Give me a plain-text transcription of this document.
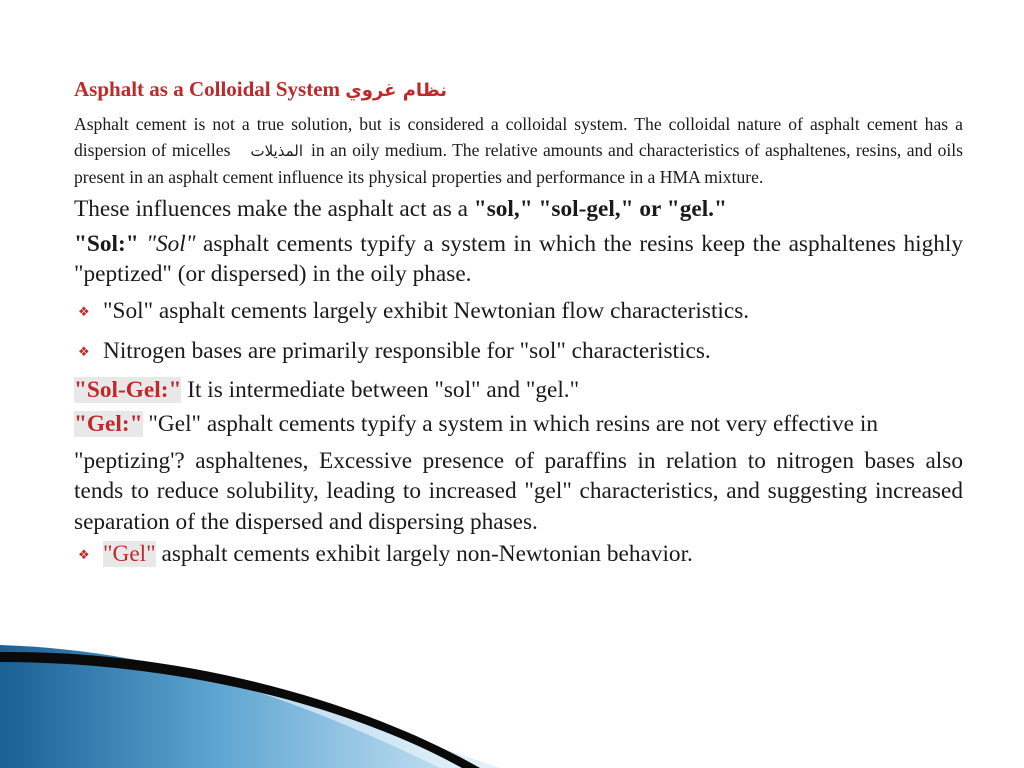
Asphalt as a Colloidal System نظام غروي

Asphalt cement is not a true solution, but is considered a colloidal system. The colloidal nature of asphalt cement has a dispersion of micelles المذيلات in an oily medium. The relative amounts and characteristics of asphaltenes, resins, and oils present in an asphalt cement influence its physical properties and performance in a HMA mixture.

These influences make the asphalt act as a "sol," "sol-gel," or "gel."

"Sol:" "Sol" asphalt cements typify a system in which the resins keep the asphaltenes highly "peptized" (or dispersed) in the oily phase.

❖ "Sol" asphalt cements largely exhibit Newtonian flow characteristics.
❖ Nitrogen bases are primarily responsible for "sol" characteristics.

"Sol-Gel:" It is intermediate between "sol" and "gel."

"Gel:" "Gel" asphalt cements typify a system in which resins are not very effective in

"peptizing'? asphaltenes, Excessive presence of paraffins in relation to nitrogen bases also tends to reduce solubility, leading to increased "gel" characteristics, and suggesting increased separation of the dispersed and dispersing phases.

❖ "Gel" asphalt cements exhibit largely non-Newtonian behavior.
